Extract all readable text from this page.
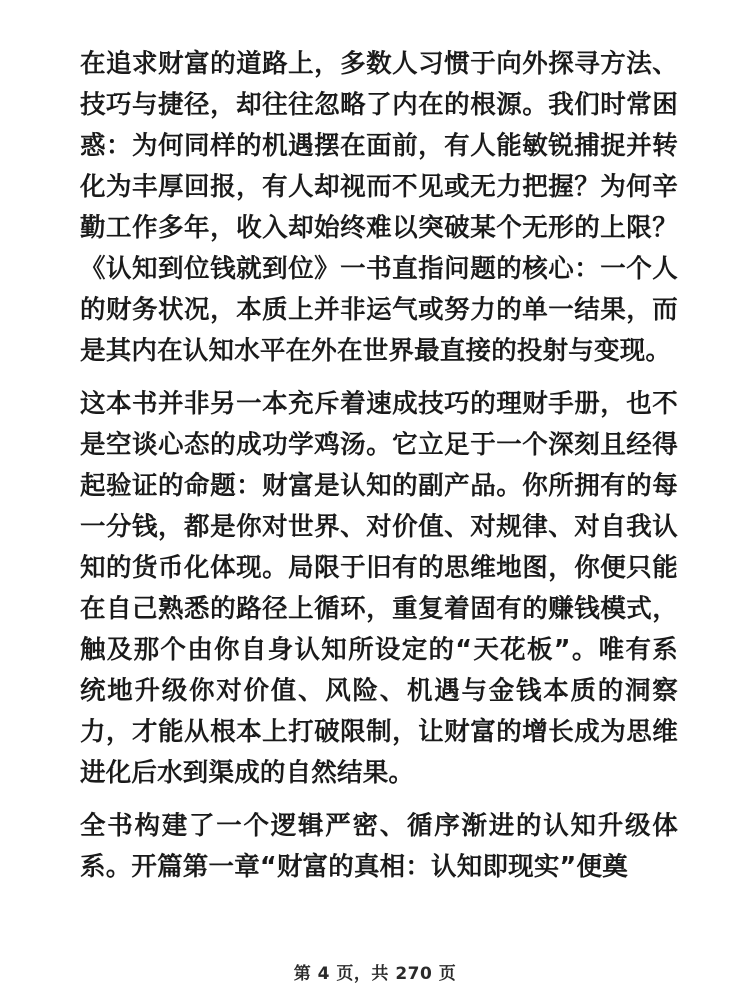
在追求财富的道路上，多数人习惯于向外探寻方法、技巧与捷径，却往往忽略了内在的根源。我们时常困惑：为何同样的机遇摆在面前，有人能敏锐捕捉并转化为丰厚回报，有人却视而不见或无力把握？为何辛勤工作多年，收入却始终难以突破某个无形的上限？《认知到位钱就到位》一书直指问题的核心：一个人的财务状况，本质上并非运气或努力的单一结果，而是其内在认知水平在外在世界最直接的投射与变现。

这本书并非另一本充斥着速成技巧的理财手册，也不是空谈心态的成功学鸡汤。它立足于一个深刻且经得起验证的命题：财富是认知的副产品。你所拥有的每一分钱，都是你对世界、对价值、对规律、对自我认知的货币化体现。局限于旧有的思维地图，你便只能在自己熟悉的路径上循环，重复着固有的赚钱模式，触及那个由你自身认知所设定的“天花板”。唯有系统地升级你对价值、风险、机遇与金钱本质的洞察力，才能从根本上打破限制，让财富的增长成为思维进化后水到渠成的自然结果。

全书构建了一个逻辑严密、循序渐进的认知升级体系。开篇第一章“财富的真相：认知即现实”便奠

第 4 页，共 270 页
